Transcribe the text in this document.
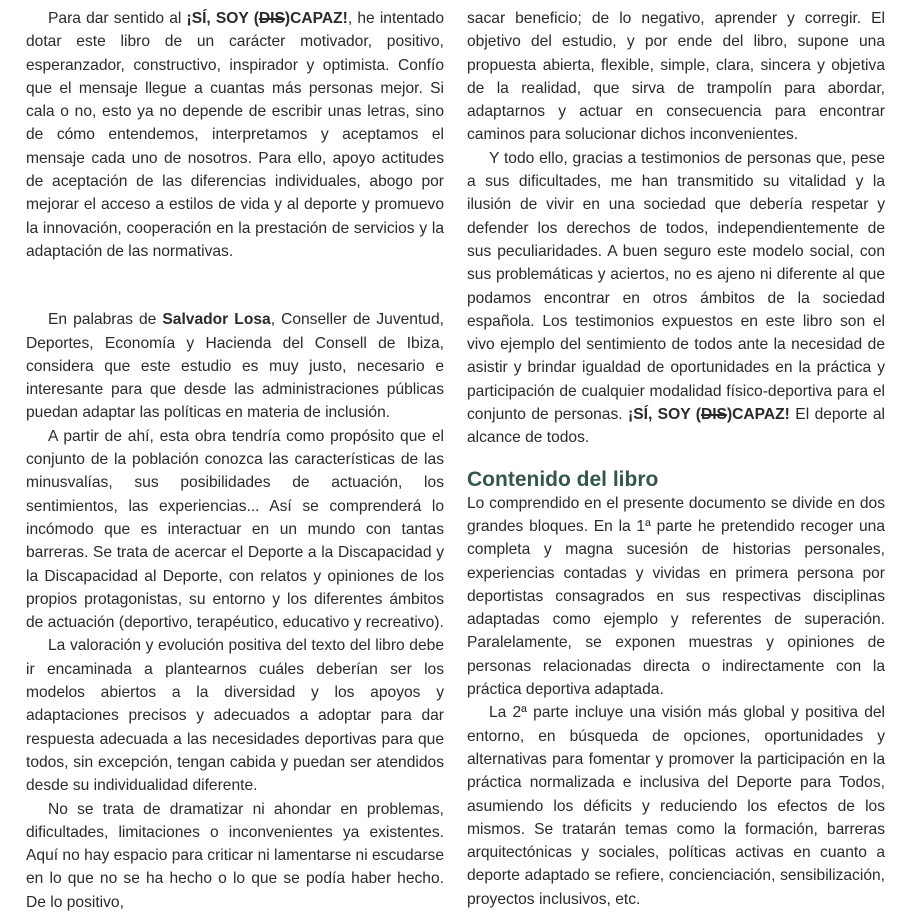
Para dar sentido al ¡SÍ, SOY (DIS)CAPAZ!, he intentado dotar este libro de un carácter motivador, positivo, esperanzador, constructivo, inspirador y optimista. Confío que el mensaje llegue a cuantas más personas mejor. Si cala o no, esto ya no depende de escribir unas letras, sino de cómo entendemos, interpretamos y aceptamos el mensaje cada uno de nosotros. Para ello, apoyo actitudes de aceptación de las diferencias individuales, abogo por mejorar el acceso a estilos de vida y al deporte y promuevo la innovación, cooperación en la prestación de servicios y la adaptación de las normativas.

En palabras de Salvador Losa, Conseller de Juventud, Deportes, Economía y Hacienda del Consell de Ibiza, considera que este estudio es muy justo, necesario e interesante para que desde las administraciones públicas puedan adaptar las políticas en materia de inclusión.

A partir de ahí, esta obra tendría como propósito que el conjunto de la población conozca las características de las minusvalías, sus posibilidades de actuación, los sentimientos, las experiencias... Así se comprenderá lo incómodo que es interactuar en un mundo con tantas barreras. Se trata de acercar el Deporte a la Discapacidad y la Discapacidad al Deporte, con relatos y opiniones de los propios protagonistas, su entorno y los diferentes ámbitos de actuación (deportivo, terapéutico, educativo y recreativo).

La valoración y evolución positiva del texto del libro debe ir encaminada a plantearnos cuáles deberían ser los modelos abiertos a la diversidad y los apoyos y adaptaciones precisos y adecuados a adoptar para dar respuesta adecuada a las necesidades deportivas para que todos, sin excepción, tengan cabida y puedan ser atendidos desde su individualidad diferente.

No se trata de dramatizar ni ahondar en problemas, dificultades, limitaciones o inconvenientes ya existentes. Aquí no hay espacio para criticar ni lamentarse ni escudarse en lo que no se ha hecho o lo que se podía haber hecho. De lo positivo,

sacar beneficio; de lo negativo, aprender y corregir. El objetivo del estudio, y por ende del libro, supone una propuesta abierta, flexible, simple, clara, sincera y objetiva de la realidad, que sirva de trampolín para abordar, adaptarnos y actuar en consecuencia para encontrar caminos para solucionar dichos inconvenientes.

Y todo ello, gracias a testimonios de personas que, pese a sus dificultades, me han transmitido su vitalidad y la ilusión de vivir en una sociedad que debería respetar y defender los derechos de todos, independientemente de sus peculiaridades. A buen seguro este modelo social, con sus problemáticas y aciertos, no es ajeno ni diferente al que podamos encontrar en otros ámbitos de la sociedad española. Los testimonios expuestos en este libro son el vivo ejemplo del sentimiento de todos ante la necesidad de asistir y brindar igualdad de oportunidades en la práctica y participación de cualquier modalidad físico-deportiva para el conjunto de personas. ¡SÍ, SOY (DIS)CAPAZ! El deporte al alcance de todos.

Contenido del libro

Lo comprendido en el presente documento se divide en dos grandes bloques. En la 1ª parte he pretendido recoger una completa y magna sucesión de historias personales, experiencias contadas y vividas en primera persona por deportistas consagrados en sus respectivas disciplinas adaptadas como ejemplo y referentes de superación. Paralelamente, se exponen muestras y opiniones de personas relacionadas directa o indirectamente con la práctica deportiva adaptada.

La 2ª parte incluye una visión más global y positiva del entorno, en búsqueda de opciones, oportunidades y alternativas para fomentar y promover la participación en la práctica normalizada e inclusiva del Deporte para Todos, asumiendo los déficits y reduciendo los efectos de los mismos. Se tratarán temas como la formación, barreras arquitectónicas y sociales, políticas activas en cuanto a deporte adaptado se refiere, concienciación, sensibilización, proyectos inclusivos, etc.
